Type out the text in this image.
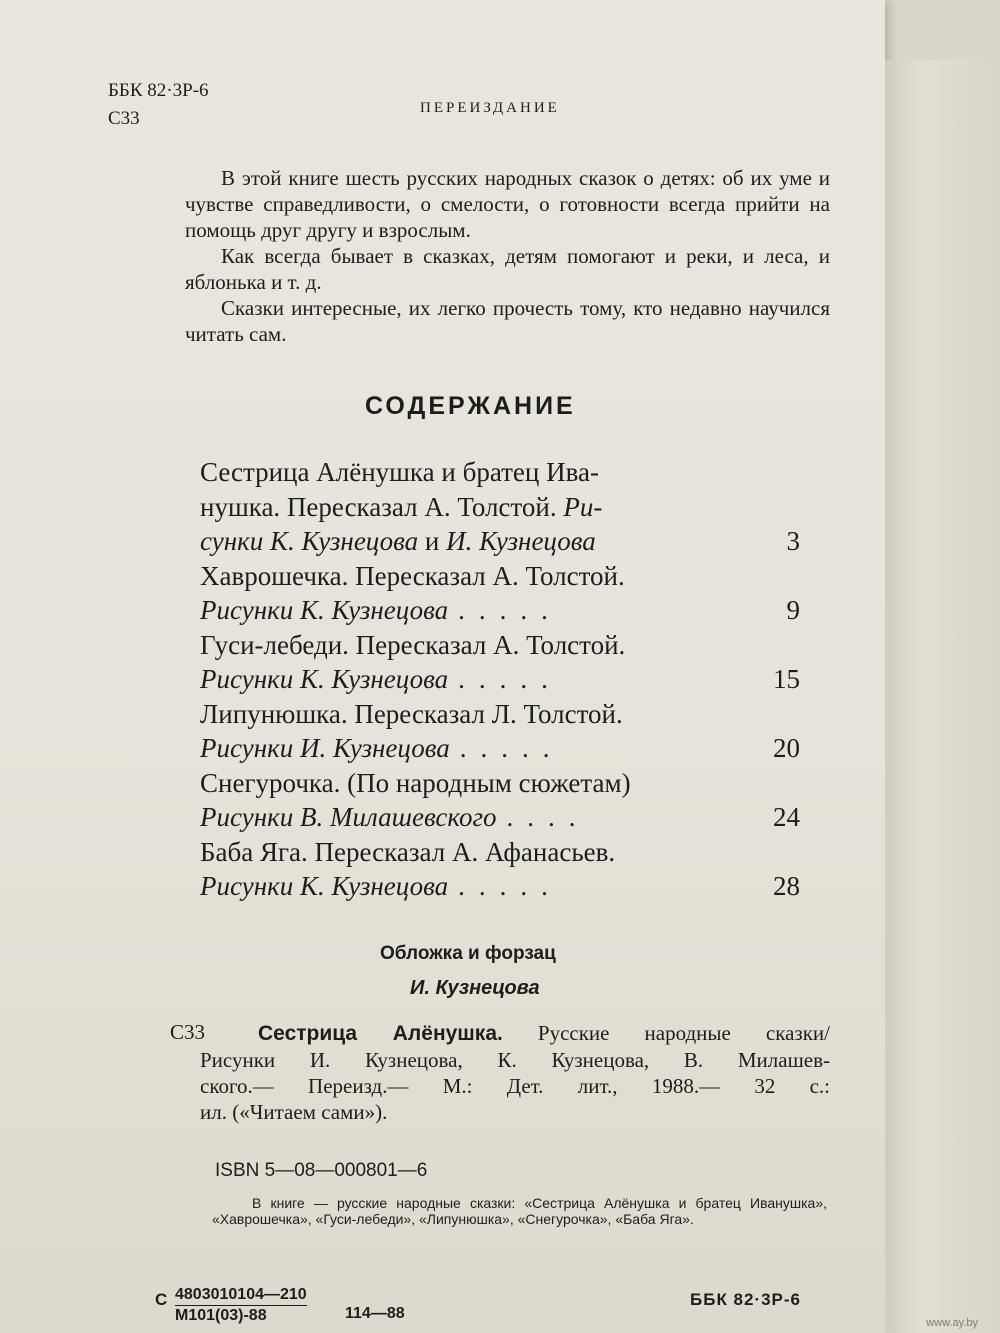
ББК 82·3Р-6
С33	ПЕРЕИЗДАНИЕ

В этой книге шесть русских народных сказок о детях: об их уме и чувстве справедливости, о смелости, о готовности всегда прийти на помощь друг другу и взрослым.

Как всегда бывает в сказках, детям помогают и реки, и леса, и яблонька и т. д.

Сказки интересные, их легко прочесть тому, кто недавно научился читать сам.

СОДЕРЖАНИЕ
Сестрица Алёнушка и братец Ива-
нушка. Пересказал А. Толстой. Ри-
сунки К. Кузнецова и И. Кузнецова	3
Хаврошечка. Пересказал А. Толстой.
Рисунки К. Кузнецова .....	9
Гуси-лебеди. Пересказал А. Толстой.
Рисунки К. Кузнецова .....	15
Липунюшка. Пересказал Л. Толстой.
Рисунки И. Кузнецова .....	20
Снегурочка. (По народным сюжетам)
Рисунки В. Милашевского ....	24
Баба Яга. Пересказал А. Афанасьев.
Рисунки К. Кузнецова .....	28
Обложка и форзац
И. Кузнецова
С33	Сестрица Алёнушка. Русские народные сказки/

Рисунки И. Кузнецова, К. Кузнецова, В. Милашев-

ского.— Переизд.— М.: Дет. лит., 1988.— 32 с.:

ил. («Читаем сами»).

ISBN 5—08—000801—6

В книге — русские народные сказки: «Сестрица Алёнушка и братец Иванушка», «Хаврошечка», «Гуси-лебеди», «Липунюшка», «Снегурочка», «Баба Яга».

С 4803010104—210
М101(03)-88	114—88
ББК 82·3Р-6
www.ay.by
